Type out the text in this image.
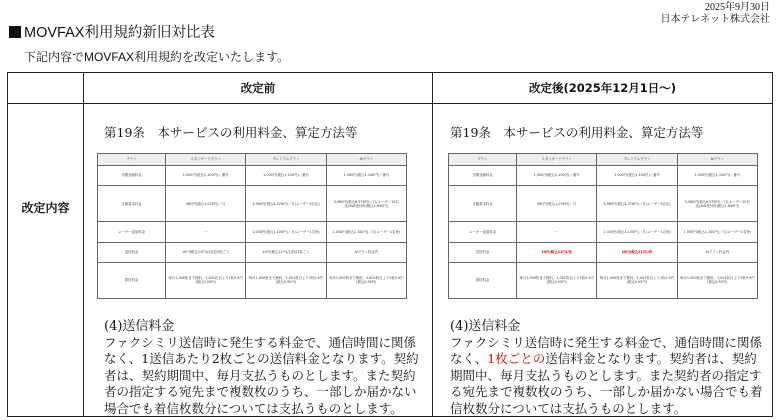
2025年9月30日
日本テレネット株式会社
MOVFAX利用規約新旧対比表
下記内容でMOVFAX利用規約を改定いたします。
改定前	改定後(2025年12月1日～)
改定内容
第19条　本サービスの利用料金、算定方法等
プラン	スタンダードプラン	プレミアムプラン	AIプラン
初期登録料金	1,000円(税込1,100円)／番号	1,000円(税込1,100円)／番号	1,000円(税込1,100円)／番号
月額基本料金	980円(税込1,078円)／月	3,980円(税込4,378円)／月(ユーザー5名迄)	5,980円(税込6,578円)／月(ユーザー10名迄)※AI受付料(税込1,650円)
ユーザー追加料金	－	1,000円(税込1,100円)／月(ユーザー1名毎)	1,000円(税込1,100円)／月(ユーザー1名毎)
送信料金	10円(税込11円)/1送信2枚ごと	10円(税込11円)/1送信2枚ごと	AIプラン料金内
着信料金	毎月1,000枚まで無料、1,001枚目より1枚0.5円(税込0.55円)	毎月1,000枚まで無料、1,001枚目より1枚0.5円(税込0.55円)	毎月1,000枚まで無料、1,001枚目より1枚0.5円(税込0.55円)
(4)送信料金
ファクシミリ送信時に発生する料金で、通信時間に関係なく、1送信あたり2枚ごとの送信料金となります。契約者は、契約期間中、毎月支払うものとします。また契約者の指定する宛先まで複数枚のうち、一部しか届かない場合でも着信枚数分については支払うものとします。
第19条　本サービスの利用料金、算定方法等
プラン	スタンダードプラン	プレミアムプラン	AIプラン
初期登録料金	1,000円(税込1,100円)／番号	1,000円(税込1,100円)／番号	1,000円(税込1,100円)／番号
月額基本料金	980円(税込1,078円)／月	3,980円(税込4,378円)／月(ユーザー5名迄)	5,980円(税込6,578円)／月(ユーザー10名迄)※AI受付料(税込1,650円)
ユーザー追加料金	－	1,000円(税込1,100円)／月(ユーザー1名毎)	1,000円(税込1,100円)／月(ユーザー1名毎)
送信料金	10円(税込11円)/枚	10円(税込11円)/枚	AIプラン料金内
着信料金	毎月1,000枚まで無料、1,001枚目より1枚0.5円(税込0.55円)	毎月1,000枚まで無料、1,001枚目より1枚0.5円(税込0.55円)	毎月1,000枚まで無料、1,001枚目より1枚0.5円(税込0.55円)
(4)送信料金
ファクシミリ送信時に発生する料金で、通信時間に関係なく、1枚ごとの送信料金となります。契約者は、契約期間中、毎月支払うものとします。また契約者の指定する宛先まで複数枚のうち、一部しか届かない場合でも着信枚数分については支払うものとします。
